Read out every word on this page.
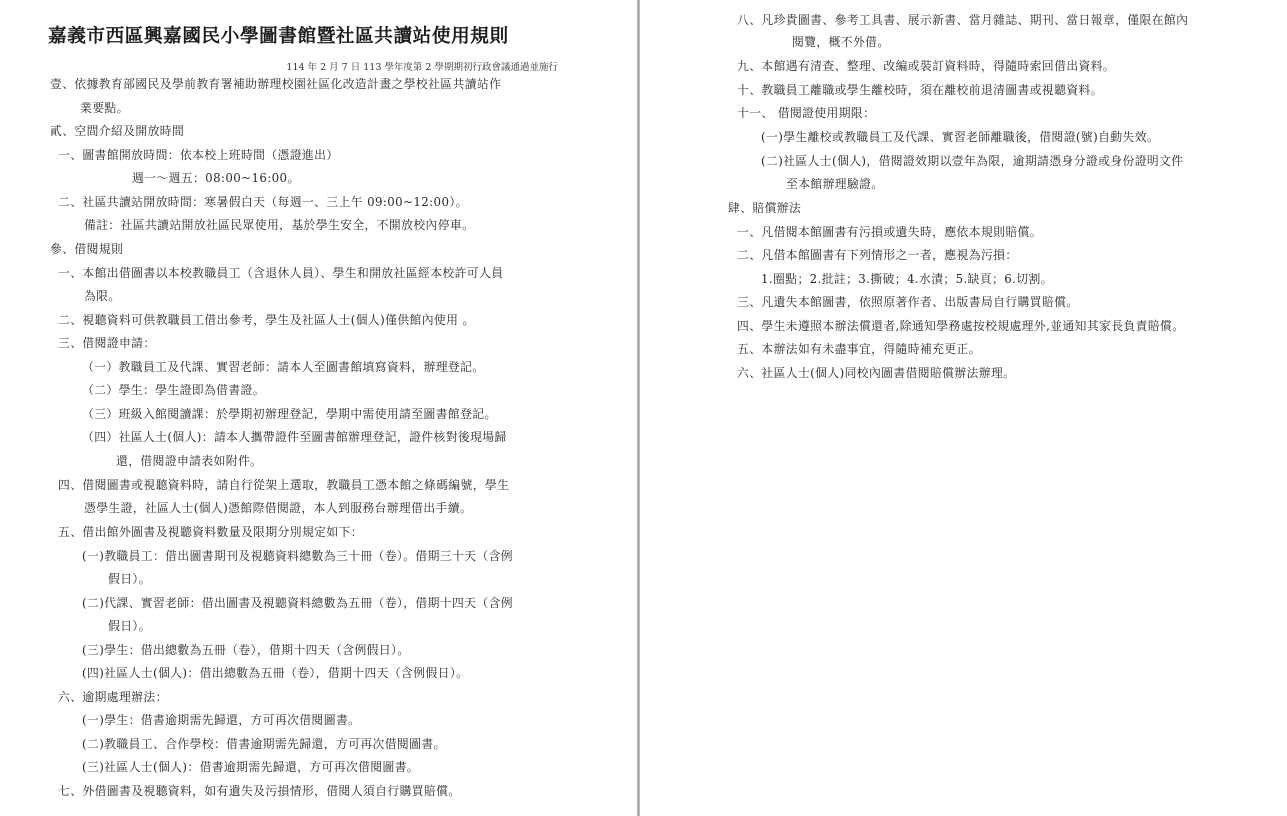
嘉義市西區興嘉國民小學圖書館暨社區共讀站使用規則
114 年 2 月 7 日 113 學年度第 2 學期期初行政會議通過並施行
壹、依據教育部國民及學前教育署補助辦理校園社區化改造計畫之學校社區共讀站作
業要點。
貳、空間介紹及開放時間
一、圖書館開放時間：依本校上班時間（憑證進出）
週一～週五：08:00~16:00。
二、社區共讀站開放時間：寒暑假白天（每週一、三上午 09:00~12:00）。
備註：社區共讀站開放社區民眾使用，基於學生安全，不開放校內停車。
參、借閱規則
一、本館出借圖書以本校教職員工（含退休人員）、學生和開放社區經本校許可人員
為限。
二、視聽資料可供教職員工借出參考，學生及社區人士(個人)僅供館內使用 。
三、借閱證申請：
（一）教職員工及代課、實習老師：請本人至圖書館填寫資料，辦理登記。
（二）學生：學生證即為借書證。
（三）班級入館閱讀課：於學期初辦理登記，學期中需使用請至圖書館登記。
（四）社區人士(個人)：請本人攜帶證件至圖書館辦理登記，證件核對後現場歸
還，借閱證申請表如附件。
四、借閱圖書或視聽資料時，請自行從架上選取，教職員工憑本館之條碼編號，學生
憑學生證，社區人士(個人)憑館際借閱證，本人到服務台辦理借出手續。
五、借出館外圖書及視聽資料數量及限期分別規定如下：
(一)教職員工：借出圖書期刊及視聽資料總數為三十冊（卷）。借期三十天（含例
假日）。
(二)代課、實習老師：借出圖書及視聽資料總數為五冊（卷），借期十四天（含例
假日）。
(三)學生：借出總數為五冊（卷），借期十四天（含例假日）。
(四)社區人士(個人)：借出總數為五冊（卷），借期十四天（含例假日）。
六、逾期處理辦法：
(一)學生：借書逾期需先歸還，方可再次借閱圖書。
(二)教職員工、合作學校：借書逾期需先歸還，方可再次借閱圖書。
(三)社區人士(個人)：借書逾期需先歸還，方可再次借閱圖書。
七、外借圖書及視聽資料，如有遺失及污損情形，借閱人須自行購買賠償。
八、凡珍貴圖書、參考工具書、展示新書、當月雜誌、期刊、當日報章，僅限在館內
閱覽，概不外借。
九、本館遇有清查、整理、改編或裝訂資料時，得隨時索回借出資料。
十、教職員工離職或學生離校時，須在離校前退清圖書或視聽資料。
十一、 借閱證使用期限：
(一)學生離校或教職員工及代課、實習老師離職後，借閱證(號)自動失效。
(二)社區人士(個人)，借閱證效期以壹年為限，逾期請憑身分證或身份證明文件
至本館辦理驗證。
肆、賠償辦法
一、凡借閱本館圖書有污損或遺失時，應依本規則賠償。
二、凡借本館圖書有下列情形之一者，應視為污損：
1.圈點；2.批註；3.撕破；4.水漬；5.缺頁；6.切割。
三、凡遺失本館圖書，依照原著作者、出版書局自行購買賠償。
四、學生未遵照本辦法償還者,除通知學務處按校規處理外,並通知其家長負責賠償。
五、本辦法如有未盡事宜，得隨時補充更正。
六、社區人士(個人)同校內圖書借閱賠償辦法辦理。
